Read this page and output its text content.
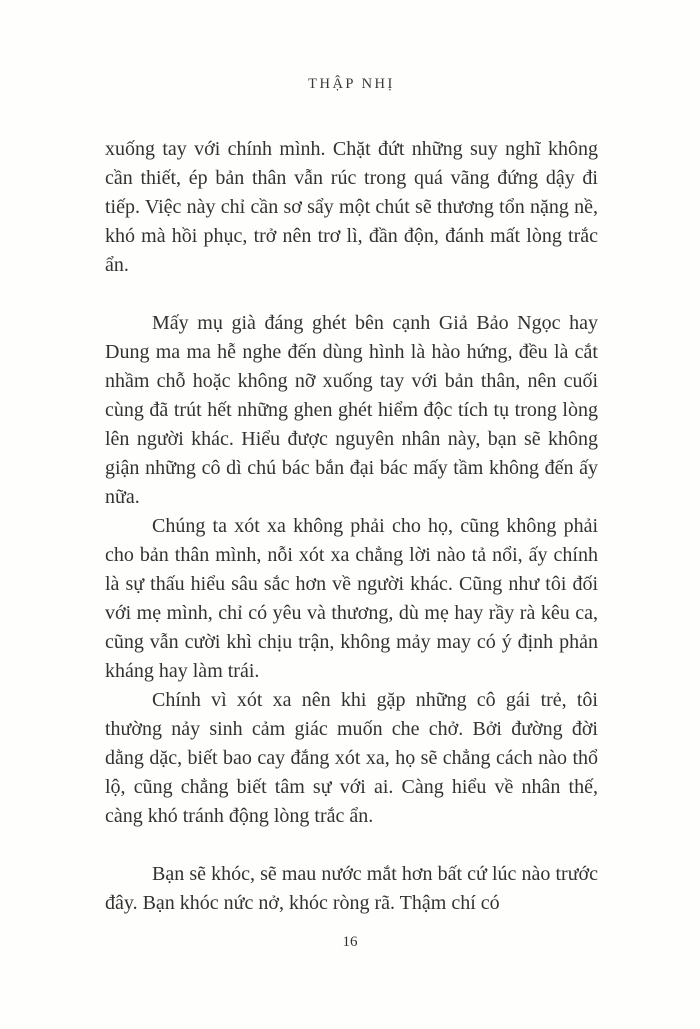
THẬP NHỊ

xuống tay với chính mình. Chặt đứt những suy nghĩ không cần thiết, ép bản thân vẫn rúc trong quá vãng đứng dậy đi tiếp. Việc này chỉ cần sơ sẩy một chút sẽ thương tổn nặng nề, khó mà hồi phục, trở nên trơ lì, đần độn, đánh mất lòng trắc ẩn.

Mấy mụ già đáng ghét bên cạnh Giả Bảo Ngọc hay Dung ma ma hễ nghe đến dùng hình là hào hứng, đều là cắt nhầm chỗ hoặc không nỡ xuống tay với bản thân, nên cuối cùng đã trút hết những ghen ghét hiểm độc tích tụ trong lòng lên người khác. Hiểu được nguyên nhân này, bạn sẽ không giận những cô dì chú bác bắn đại bác mấy tầm không đến ấy nữa.

Chúng ta xót xa không phải cho họ, cũng không phải cho bản thân mình, nỗi xót xa chẳng lời nào tả nổi, ấy chính là sự thấu hiểu sâu sắc hơn về người khác. Cũng như tôi đối với mẹ mình, chỉ có yêu và thương, dù mẹ hay rầy rà kêu ca, cũng vẫn cười khì chịu trận, không mảy may có ý định phản kháng hay làm trái.

Chính vì xót xa nên khi gặp những cô gái trẻ, tôi thường nảy sinh cảm giác muốn che chở. Bởi đường đời dằng dặc, biết bao cay đắng xót xa, họ sẽ chẳng cách nào thổ lộ, cũng chẳng biết tâm sự với ai. Càng hiểu về nhân thế, càng khó tránh động lòng trắc ẩn.

Bạn sẽ khóc, sẽ mau nước mắt hơn bất cứ lúc nào trước đây. Bạn khóc nức nở, khóc ròng rã. Thậm chí có

16
